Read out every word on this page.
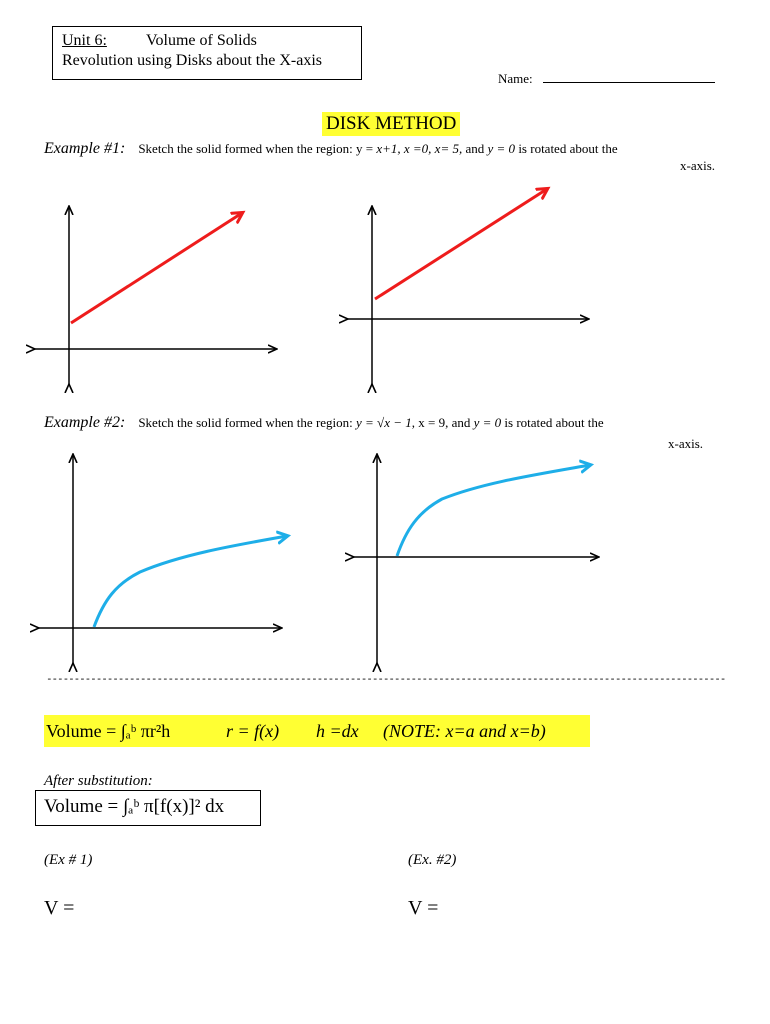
Unit 6: Volume of Solids
Revolution using Disks about the X-axis
Name:
DISK METHOD
Example #1: Sketch the solid formed when the region: y = x+1, x =0, x= 5, and y = 0 is rotated about the
x-axis.
Example #2: Sketch the solid formed when the region: y = √x − 1, x = 9, and y = 0 is rotated about the
x-axis.
---------------------------------------------------------------------------------------------------------------------------
Volume = ∫ₐᵇ πr²h	r = f(x) h =dx (NOTE: x=a and x=b)
After substitution:
Volume = ∫ₐᵇ π[f(x)]² dx
(Ex # 1)	(Ex. #2)
V =	V =
